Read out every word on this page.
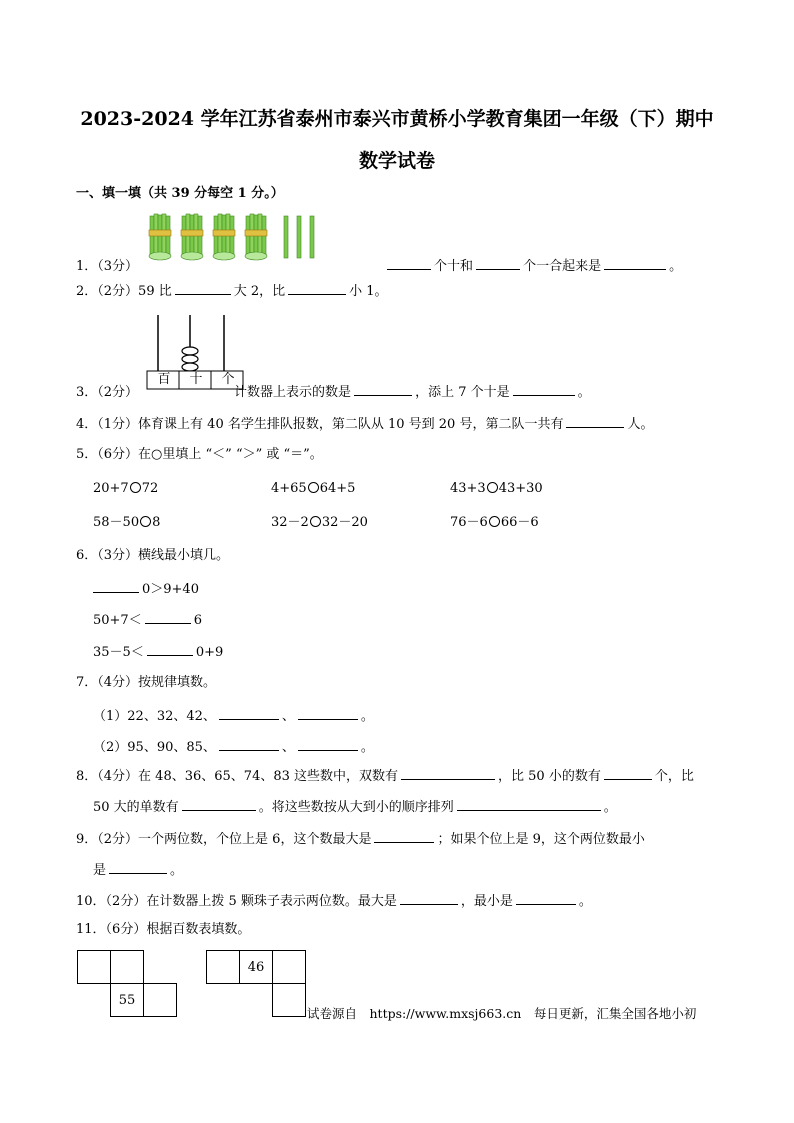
2023-2024 学年江苏省泰州市泰兴市黄桥小学教育集团一年级（下）期中
数学试卷
一、填一填（共 39 分每空 1 分。）
1．（3分）	个十和	个一合起来是	。
2．（2分）59 比	大 2，比	小 1。
百	十	个
3．（2分）	计数器上表示的数是	，添上 7 个十是	。
4．（1分）体育课上有 40 名学生排队报数，第二队从 10 号到 20 号，第二队一共有	人。
5．（6分）在○里填上 “＜” “＞” 或 “＝”。
20+7 72	4+65 64+5	43+3 43+30
58－50 8	32－2 32－20	76－6 66－6
6．（3分）横线最小填几。
0＞9+40
50+7＜	6
35－5＜	0+9
7．（4分）按规律填数。
（1）22、32、42、	、	。
（2）95、90、85、	、	。
8．（4分）在 48、36、65、74、83 这些数中，双数有	，比 50 小的数有	个，比
50 大的单数有	。将这些数按从大到小的顺序排列	。
9．（2分）一个两位数，个位上是 6，这个数最大是	；如果个位上是 9，这个两位数最小
是	。
10．（2分）在计数器上拨 5 颗珠子表示两位数。最大是	，最小是	。
11．（6分）根据百数表填数。
55
46
试卷源自　https://www.mxsj663.cn　每日更新，汇集全国各地小初
